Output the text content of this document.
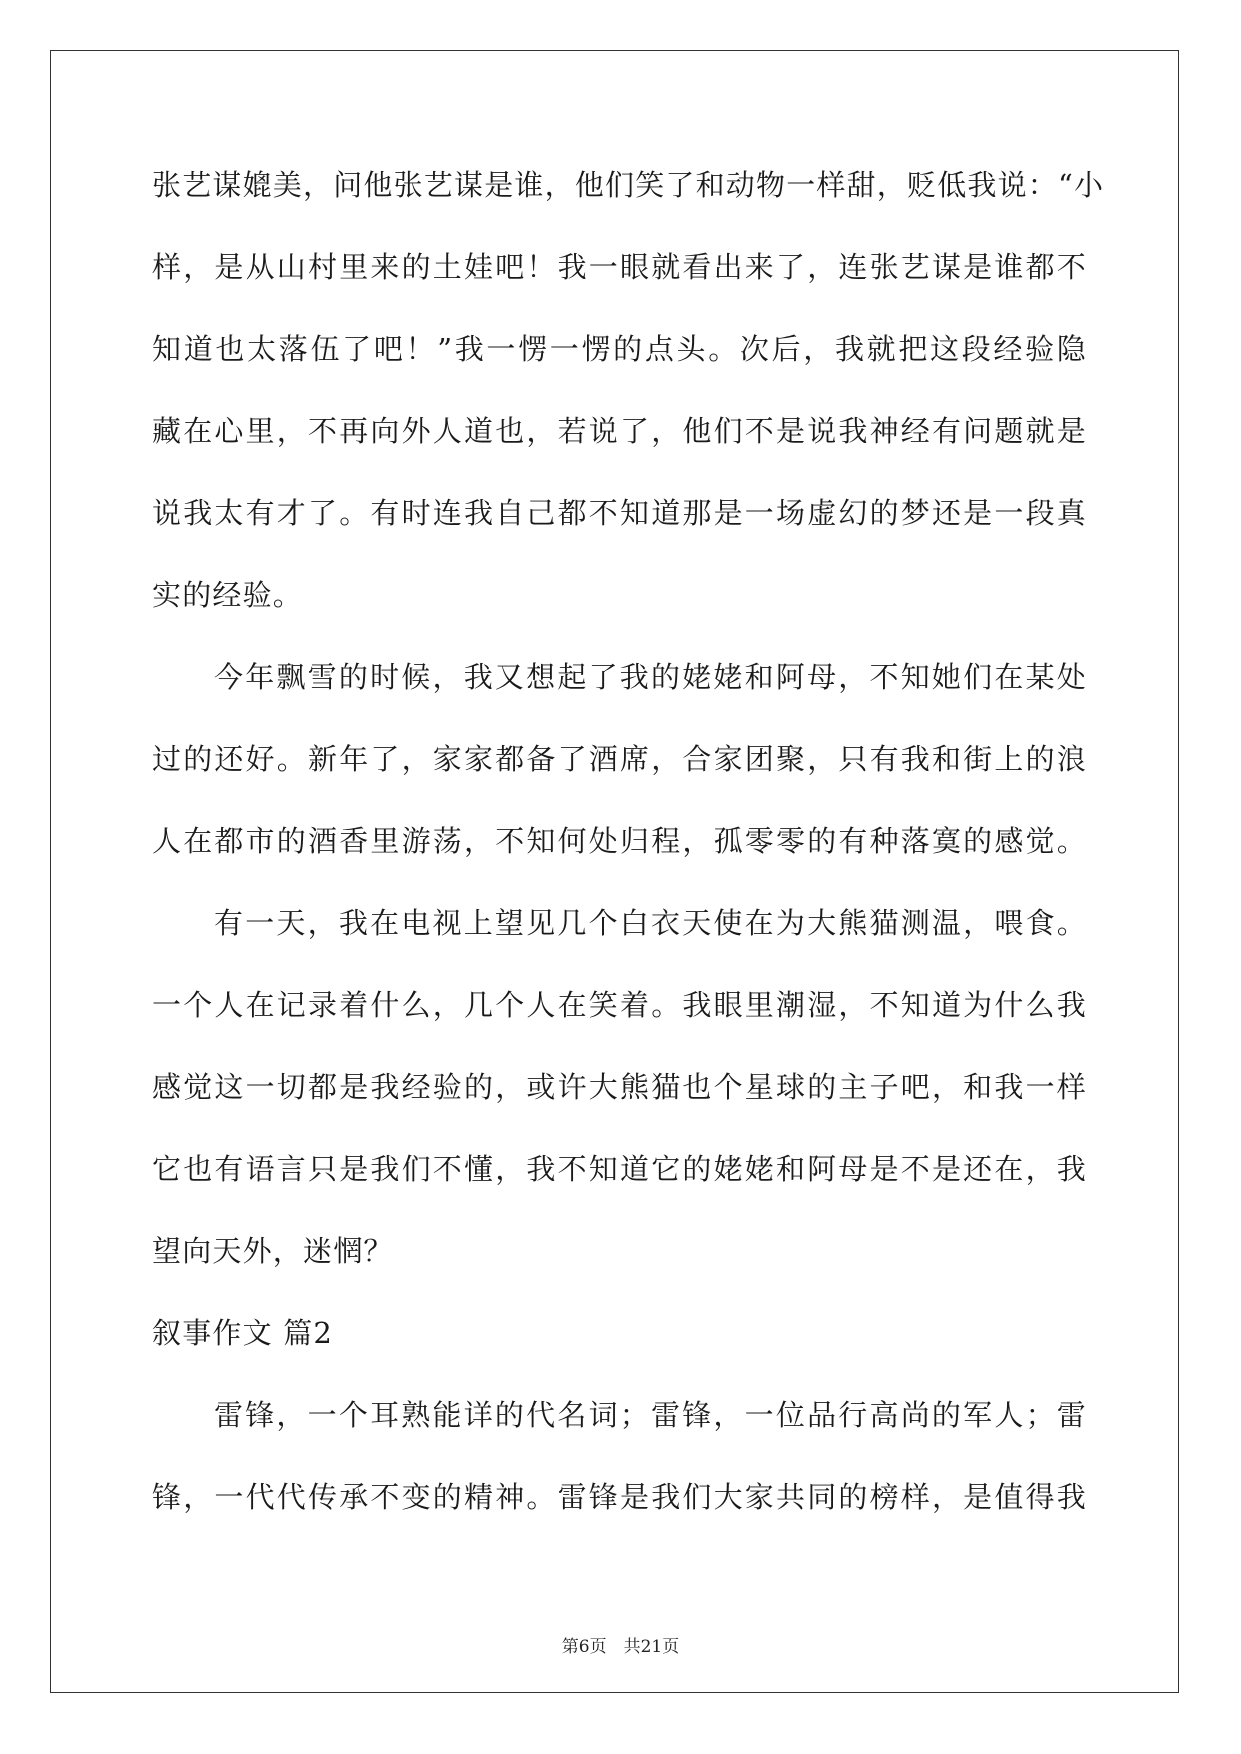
张艺谋媲美，问他张艺谋是谁，他们笑了和动物一样甜，贬低我说：“小
样，是从山村里来的土娃吧！我一眼就看出来了，连张艺谋是谁都不
知道也太落伍了吧！”我一愣一愣的点头。次后，我就把这段经验隐
藏在心里，不再向外人道也，若说了，他们不是说我神经有问题就是
说我太有才了。有时连我自己都不知道那是一场虚幻的梦还是一段真
实的经验。
今年飘雪的时候，我又想起了我的姥姥和阿母，不知她们在某处
过的还好。新年了，家家都备了酒席，合家团聚，只有我和街上的浪
人在都市的酒香里游荡，不知何处归程，孤零零的有种落寞的感觉。
有一天，我在电视上望见几个白衣天使在为大熊猫测温，喂食。
一个人在记录着什么，几个人在笑着。我眼里潮湿，不知道为什么我
感觉这一切都是我经验的，或许大熊猫也个星球的主子吧，和我一样
它也有语言只是我们不懂，我不知道它的姥姥和阿母是不是还在，我
望向天外，迷惘？
叙事作文 篇2
雷锋，一个耳熟能详的代名词；雷锋，一位品行高尚的军人；雷
锋，一代代传承不变的精神。雷锋是我们大家共同的榜样，是值得我
第6页　共21页
